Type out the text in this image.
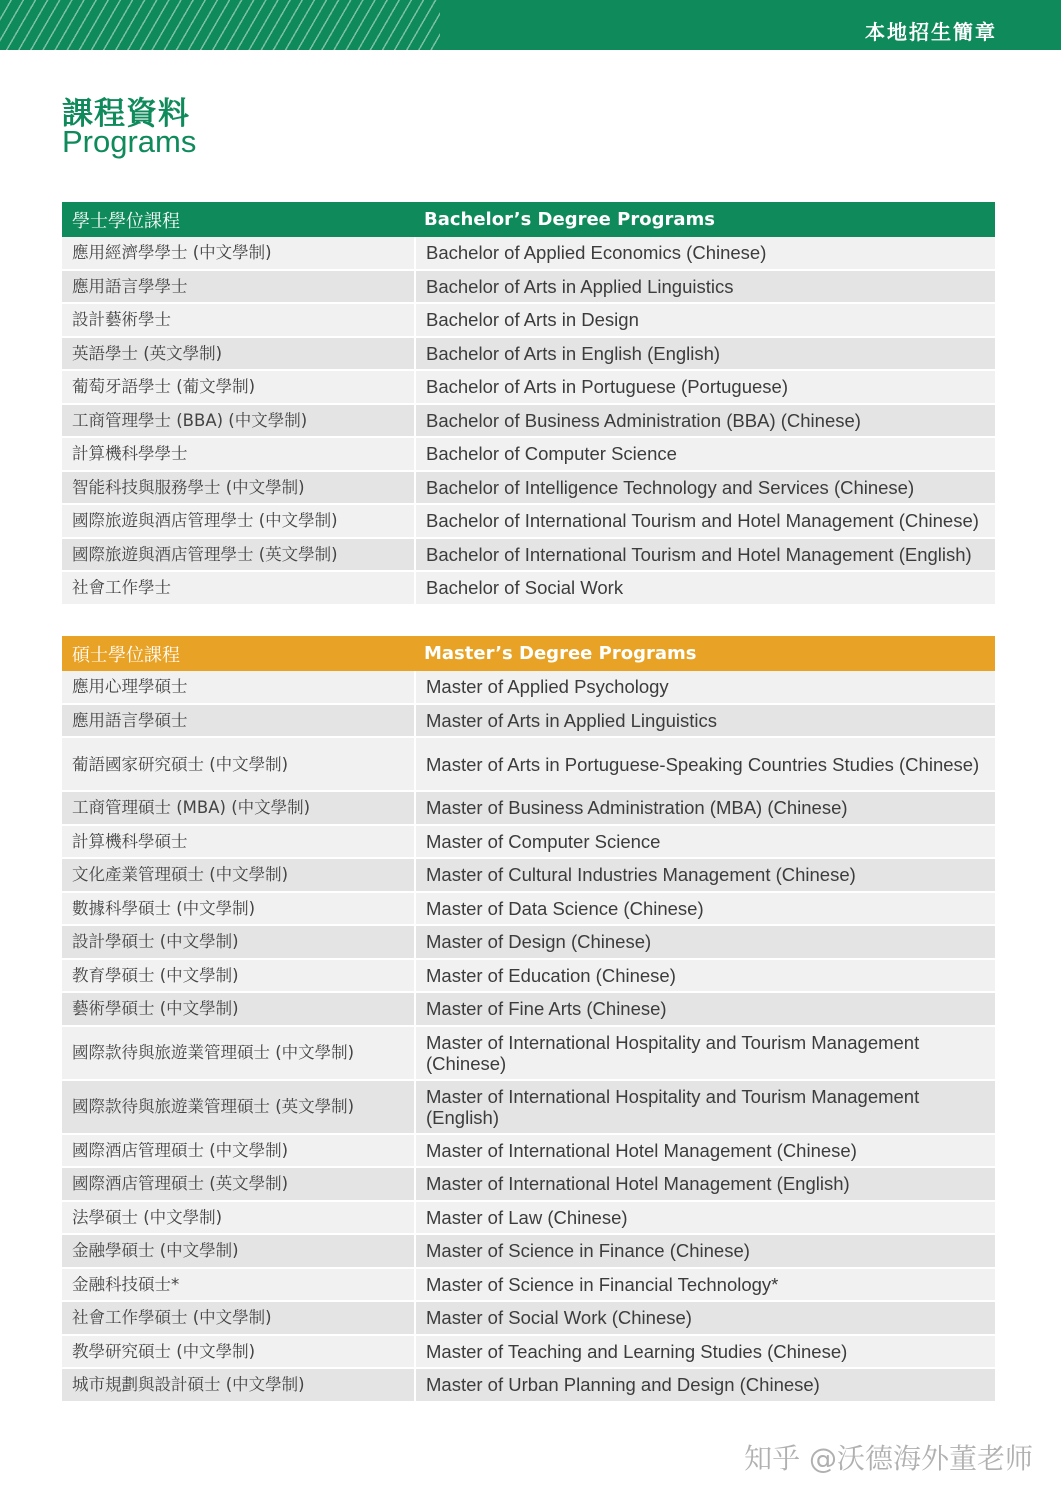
本地招生簡章
課程資料
Programs
學士學位課程	Bachelor’s Degree Programs
應用經濟學學士 (中文學制)	Bachelor of Applied Economics (Chinese)
應用語言學學士	Bachelor of Arts in Applied Linguistics
設計藝術學士	Bachelor of Arts in Design
英語學士 (英文學制)	Bachelor of Arts in English (English)
葡萄牙語學士 (葡文學制)	Bachelor of Arts in Portuguese (Portuguese)
工商管理學士 (BBA) (中文學制)	Bachelor of Business Administration (BBA) (Chinese)
計算機科學學士	Bachelor of Computer Science
智能科技與服務學士 (中文學制)	Bachelor of Intelligence Technology and Services (Chinese)
國際旅遊與酒店管理學士 (中文學制)	Bachelor of International Tourism and Hotel Management (Chinese)
國際旅遊與酒店管理學士 (英文學制)	Bachelor of International Tourism and Hotel Management (English)
社會工作學士	Bachelor of Social Work
碩士學位課程	Master’s Degree Programs
應用心理學碩士	Master of Applied Psychology
應用語言學碩士	Master of Arts in Applied Linguistics
葡語國家研究碩士 (中文學制)	Master of Arts in Portuguese-Speaking Countries Studies (Chinese)
工商管理碩士 (MBA) (中文學制)	Master of Business Administration (MBA) (Chinese)
計算機科學碩士	Master of Computer Science
文化產業管理碩士 (中文學制)	Master of Cultural Industries Management (Chinese)
數據科學碩士 (中文學制)	Master of Data Science (Chinese)
設計學碩士 (中文學制)	Master of Design (Chinese)
教育學碩士 (中文學制)	Master of Education (Chinese)
藝術學碩士 (中文學制)	Master of Fine Arts (Chinese)
國際款待與旅遊業管理碩士 (中文學制)	Master of International Hospitality and Tourism Management (Chinese)
國際款待與旅遊業管理碩士 (英文學制)	Master of International Hospitality and Tourism Management (English)
國際酒店管理碩士 (中文學制)	Master of International Hotel Management (Chinese)
國際酒店管理碩士 (英文學制)	Master of International Hotel Management (English)
法學碩士 (中文學制)	Master of Law (Chinese)
金融學碩士 (中文學制)	Master of Science in Finance (Chinese)
金融科技碩士*	Master of Science in Financial Technology*
社會工作學碩士 (中文學制)	Master of Social Work (Chinese)
教學研究碩士 (中文學制)	Master of Teaching and Learning Studies (Chinese)
城市規劃與設計碩士 (中文學制)	Master of Urban Planning and Design (Chinese)
知乎 @沃德海外董老师
